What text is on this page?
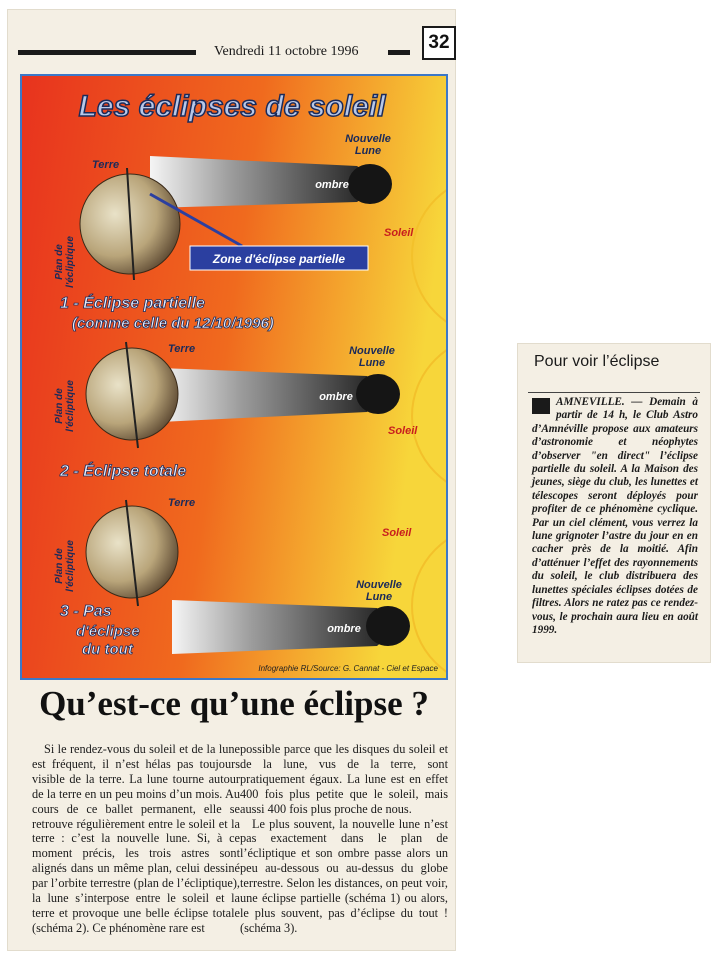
Vendredi 11 octobre 1996	32
Les éclipses de soleil
Terre
Nouvelle
Lune
ombre
Soleil
Plan de l'écliptique	Zone d'éclipse partielle
1 - Éclipse partielle
(comme celle du 12/10/1996)
Terre	Nouvelle
Lune
ombre
Soleil
Plan de l'écliptique
2 - Éclipse totale
Terre
Soleil
Nouvelle
Lune
ombre
Plan de l'écliptique
3 - Pas
d'éclipse
du tout
Infographie RL/Source: G. Cannat - Ciel et Espace
Qu’est-ce qu’une éclipse ?

Si le rendez-vous du soleil et de la lune est fréquent, il n’est hélas pas toujours visible de la terre. La lune tourne autour de la terre en un peu moins d’un mois. Au cours de ce ballet permanent, elle se retrouve régulièrement entre le soleil et la terre : c’est la nouvelle lune. Si, à ce moment précis, les trois astres sont alignés dans un même plan, celui dessiné par l’orbite terrestre (plan de l’écliptique), la lune s’interpose entre le soleil et la terre et provoque une belle éclipse totale (schéma 2). Ce phénomène rare est

possible parce que les disques du soleil et de la lune, vus de la terre, sont pratiquement égaux. La lune est en effet 400 fois plus petite que le soleil, mais aussi 400 fois plus proche de nous.

Le plus souvent, la nouvelle lune n’est pas exactement dans le plan de l’écliptique et son ombre passe alors un peu au-dessous ou au-dessus du globe terrestre. Selon les distances, on peut voir, une éclipse partielle (schéma 1) ou alors, le plus souvent, pas d’éclipse du tout ! (schéma 3).

Pour voir l’éclipse
AMNEVILLE. — Demain à partir de 14 h, le Club Astro d’Amnéville propose aux amateurs d’astronomie et néophytes d’observer "en direct" l’éclipse partielle du soleil. A la Maison des jeunes, siège du club, les lunettes et télescopes seront déployés pour profiter de ce phénomène cyclique. Par un ciel clément, vous verrez la lune grignoter l’astre du jour en en cacher près de la moitié. Afin d’atténuer l’effet des rayonnements du soleil, le club distribuera des lunettes spéciales éclipses dotées de filtres. Alors ne ratez pas ce rendez-vous, le prochain aura lieu en août 1999.
